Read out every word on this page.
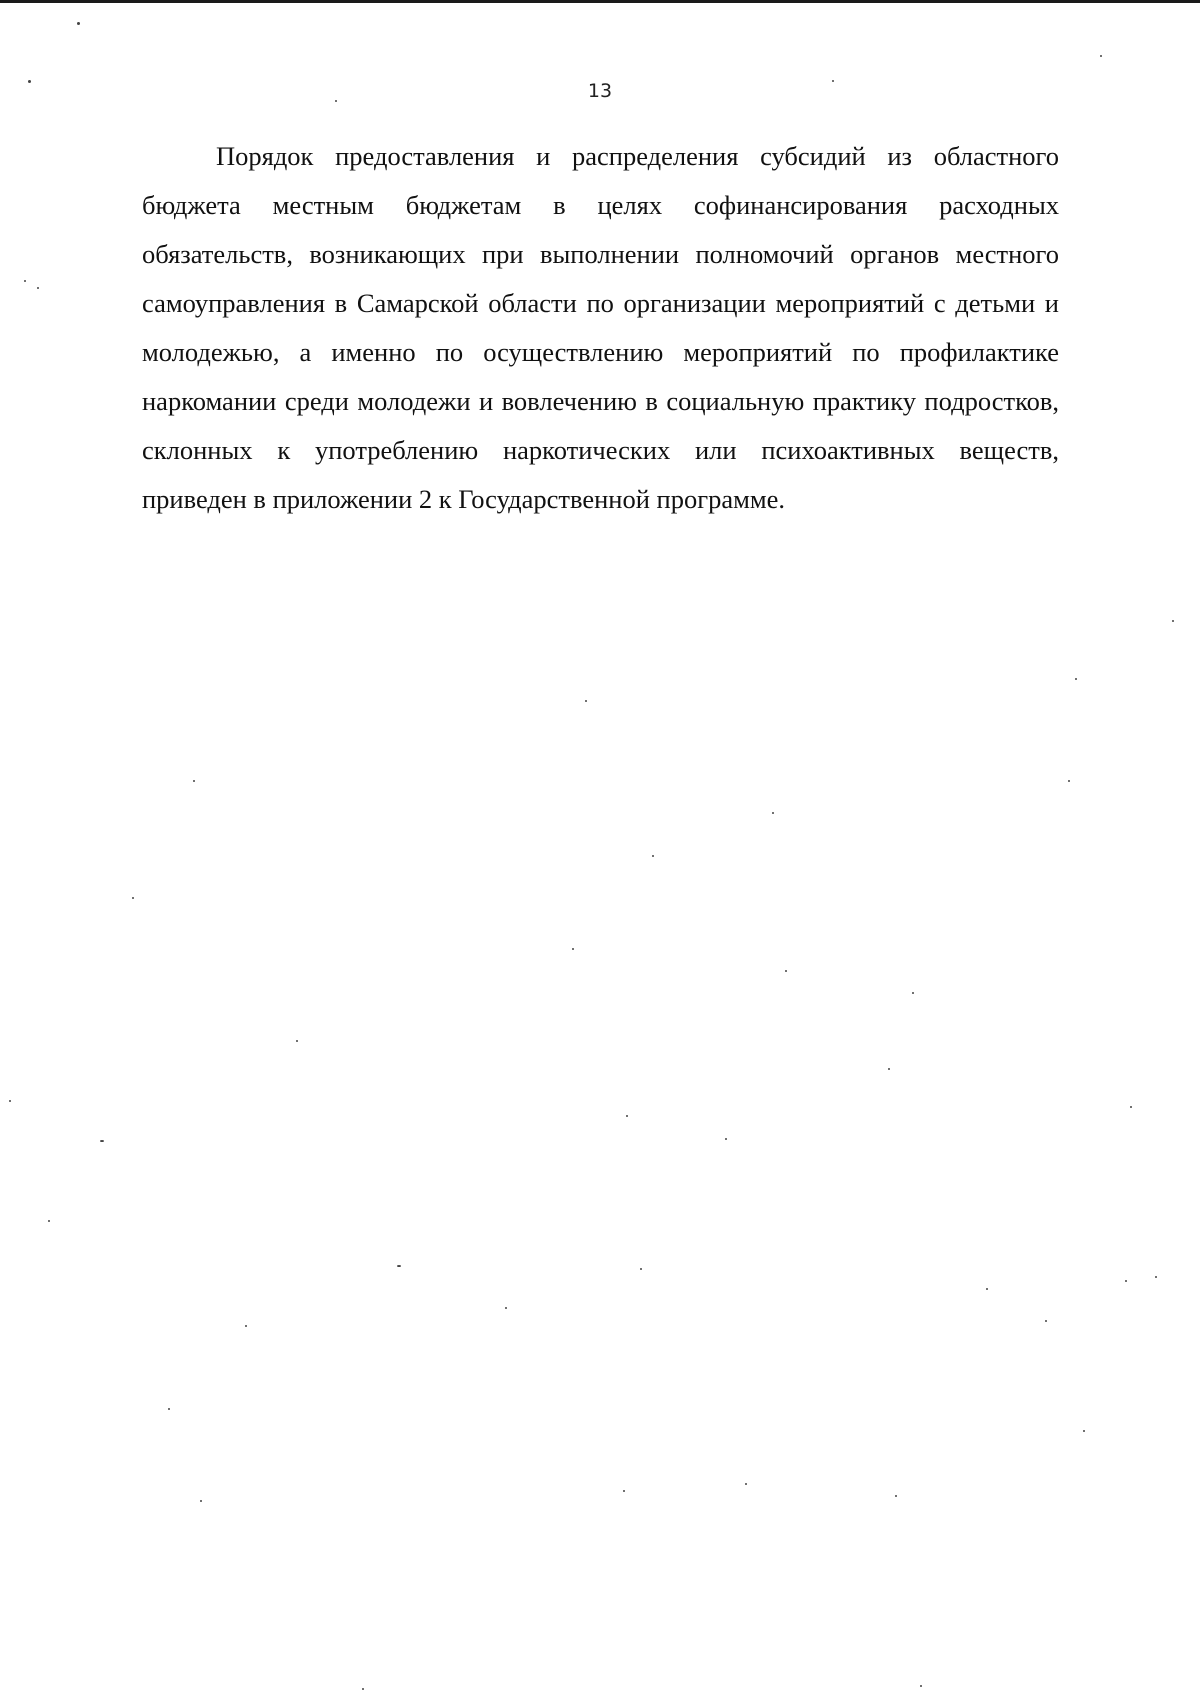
13

Порядок предоставления и распределения субсидий из областного бюджета местным бюджетам в целях софинансирования расходных обязательств, возникающих при выполнении полномочий органов местного самоуправления в Самарской области по организации мероприятий с детьми и молодежью, а именно по осуществлению мероприятий по профилактике наркомании среди молодежи и вовлечению в социальную практику подростков, склонных к употреблению наркотических или психоактивных веществ, приведен в приложении 2 к Государственной программе.
